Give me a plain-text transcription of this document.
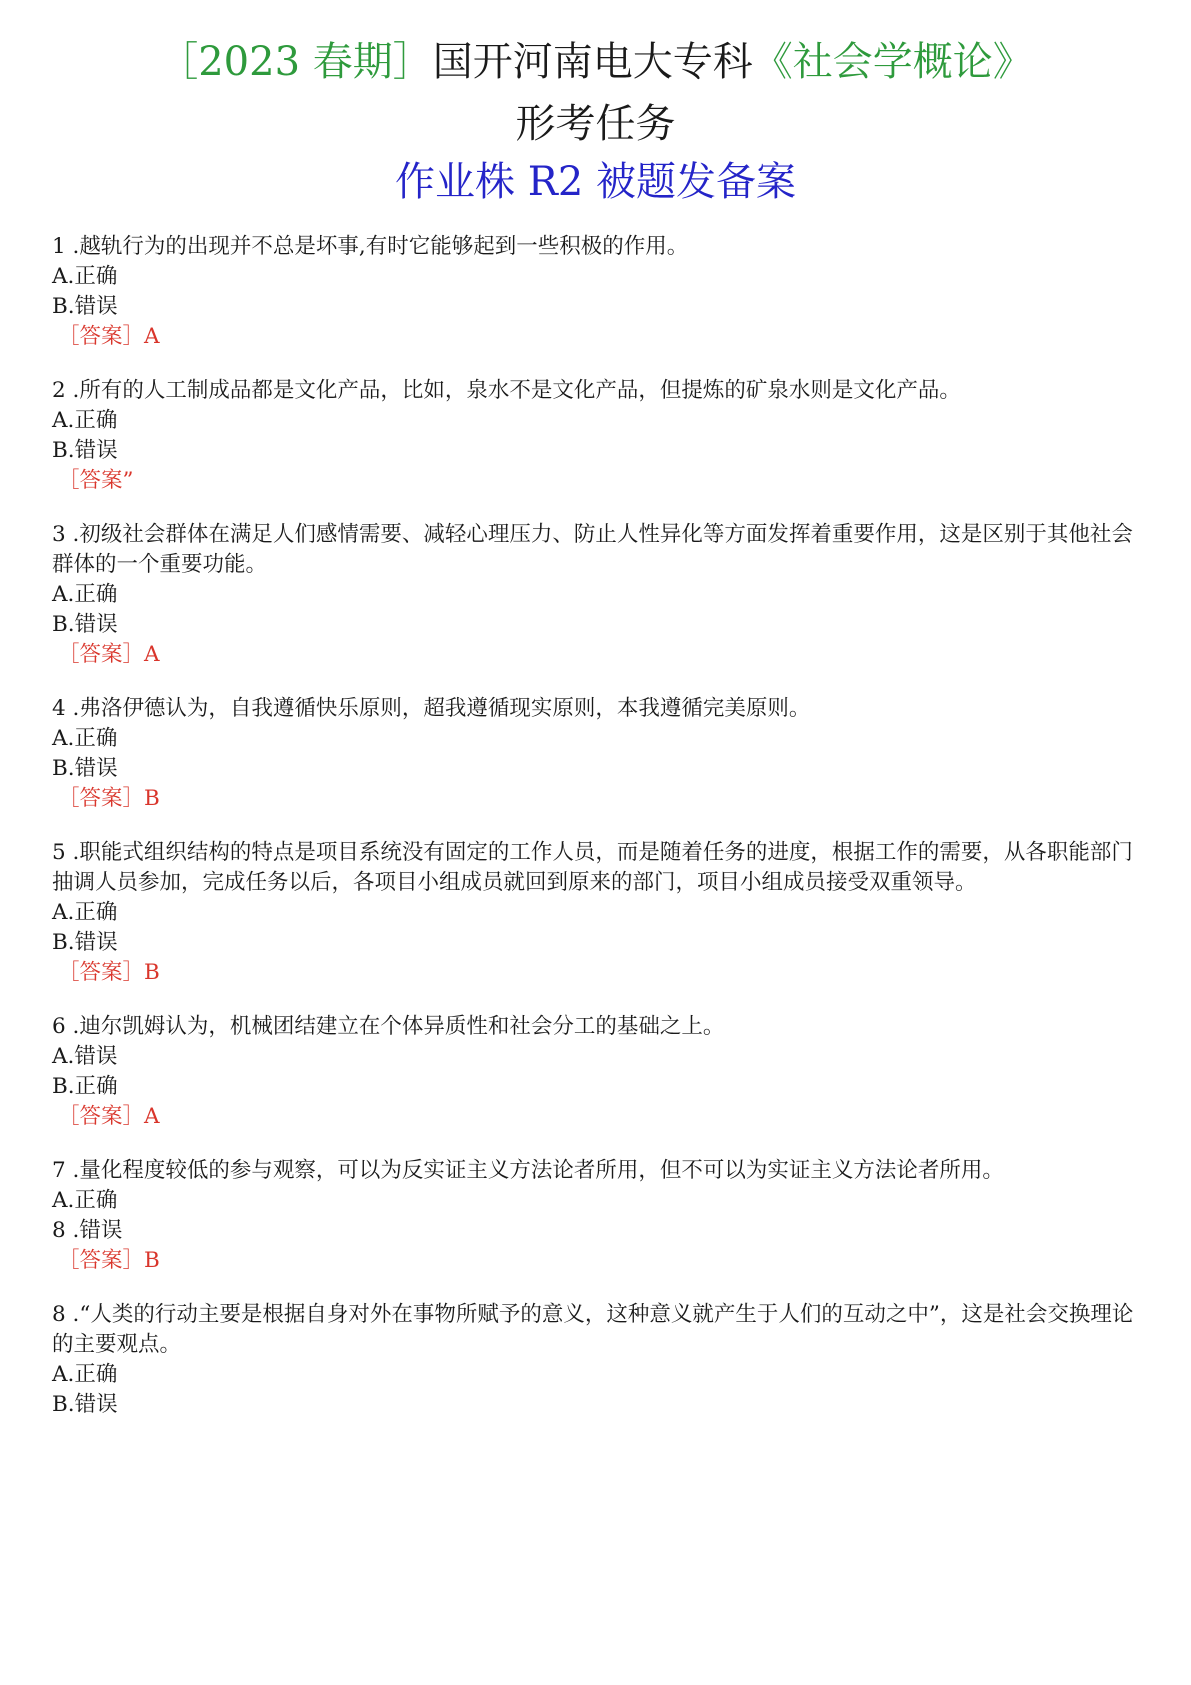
［2023 春期］国开河南电大专科《社会学概论》
形考任务
作业株 R2 被题发备案

1 .越轨行为的出现并不总是坏事,有时它能够起到一些积极的作用。

A.正确

B.错误

［答案］A

2 .所有的人工制成品都是文化产品，比如，泉水不是文化产品，但提炼的矿泉水则是文化产品。

A.正确

B.错误

［答案”

3 .初级社会群体在满足人们感情需要、减轻心理压力、防止人性异化等方面发挥着重要作用，这是区别于其他社会群体的一个重要功能。

A.正确

B.错误

［答案］A

4 .弗洛伊德认为，自我遵循快乐原则，超我遵循现实原则，本我遵循完美原则。

A.正确

B.错误

［答案］B

5 .职能式组织结构的特点是项目系统没有固定的工作人员，而是随着任务的进度，根据工作的需要，从各职能部门抽调人员参加，完成任务以后，各项目小组成员就回到原来的部门，项目小组成员接受双重领导。

A.正确

B.错误

［答案］B

6 .迪尔凯姆认为，机械团结建立在个体异质性和社会分工的基础之上。

A.错误

B.正确

［答案］A

7 .量化程度较低的参与观察，可以为反实证主义方法论者所用，但不可以为实证主义方法论者所用。

A.正确

8 .错误

［答案］B

8 .“人类的行动主要是根据自身对外在事物所赋予的意义，这种意义就产生于人们的互动之中”，这是社会交换理论的主要观点。

A.正确

B.错误
